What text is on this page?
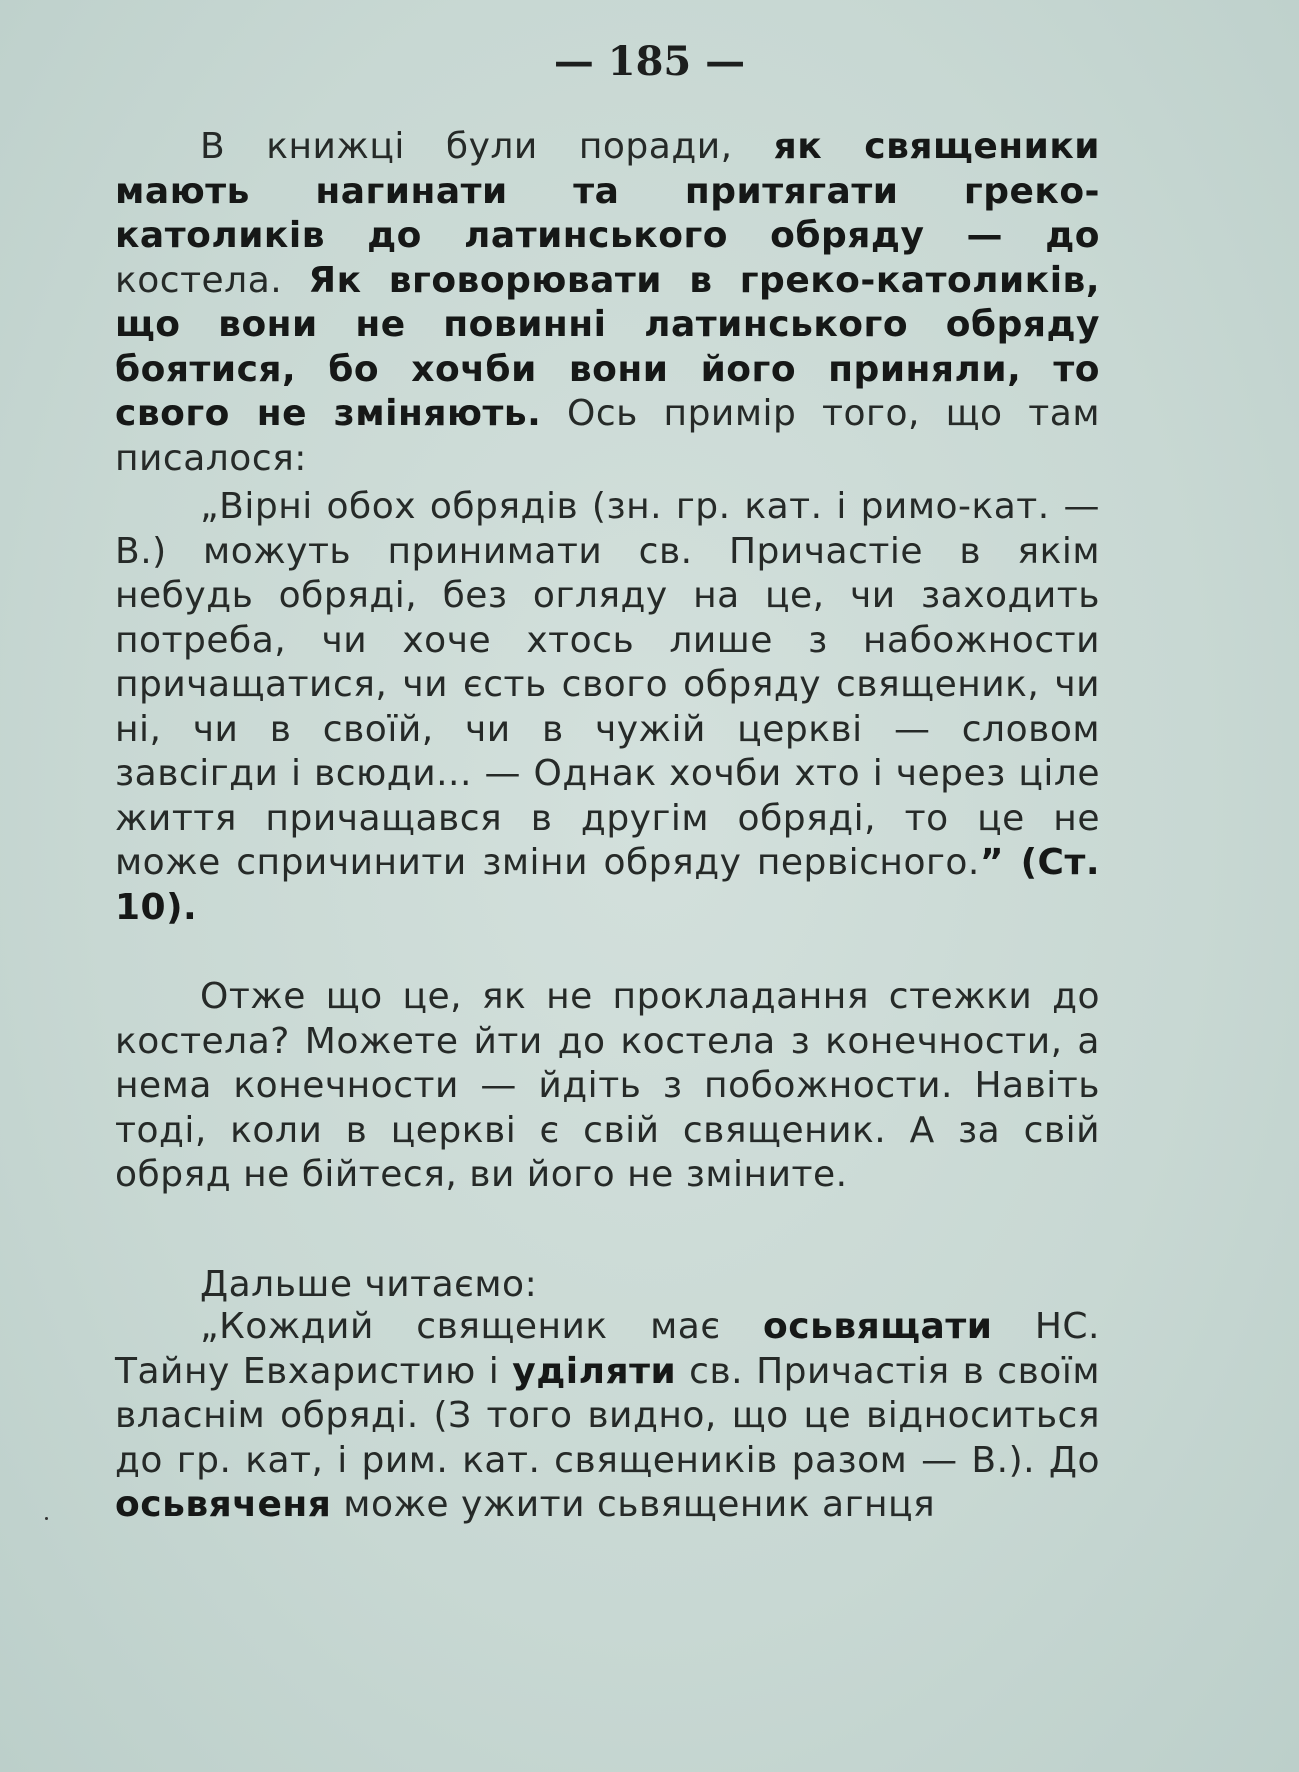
— 185 —
В книжці були поради, як священики мають нагинати та притягати греко-католиків до латинського обряду — до костела. Як вговорювати в греко-католиків, що вони не повинні латинського обряду боятися, бо хочби вони його приняли, то свого не зміняють. Ось примір того, що там писалося:
„Вірні обох обрядів (зн. гр. кат. і римо-кат. — В.) можуть принимати св. Причастіе в якім небудь обряді, без огляду на це, чи заходить потреба, чи хоче хтось лише з набожности причащатися, чи єсть свого обряду священик, чи ні, чи в своїй, чи в чужій церкві — словом завсігди і всюди... — Однак хочби хто і через ціле життя причащався в другім обряді, то це не може спричинити зміни обряду первісного.” (Ст. 10).
Отже що це, як не прокладання стежки до костела? Можете йти до костела з конечности, а нема конечности — йдіть з побожности. Навіть тоді, коли в церкві є свій священик. А за свій обряд не бійтеся, ви його не зміните.
Дальше читаємо:
„Кождий священик має осьвящати НС. Тайну Евхаристию і уділяти св. Причастія в своїм власнім обряді. (З того видно, що це відноситься до гр. кат, і рим. кат. священиків разом — В.). До осьвяченя може ужити сьвященик агнця
